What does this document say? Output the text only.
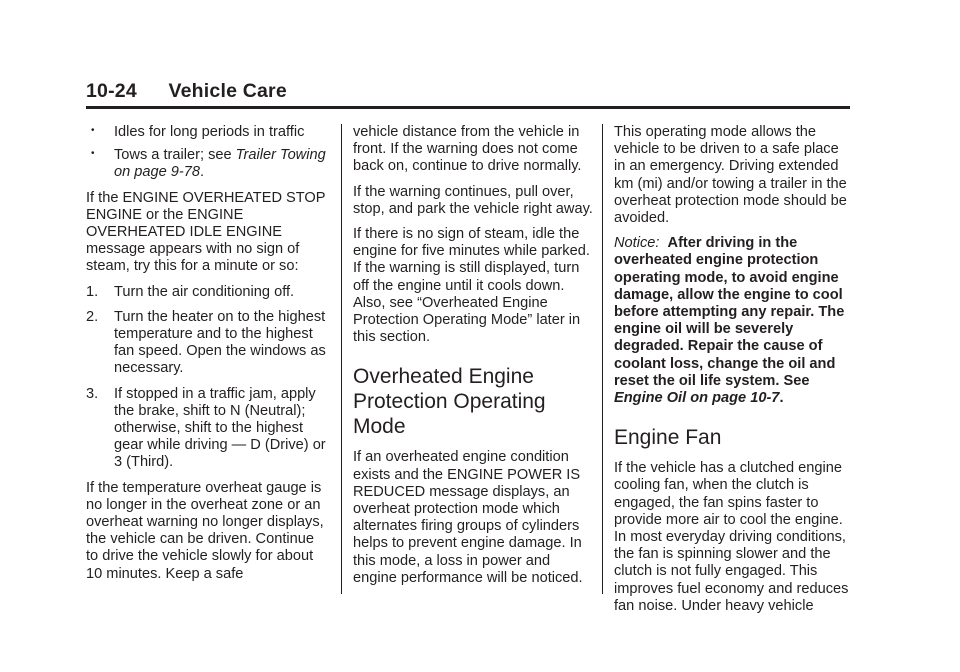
10-24 Vehicle Care
• Idles for long periods in traffic
• Tows a trailer; see Trailer Towing on page 9-78.

If the ENGINE OVERHEATED STOP ENGINE or the ENGINE OVERHEATED IDLE ENGINE message appears with no sign of steam, try this for a minute or so:

1. Turn the air conditioning off.
2. Turn the heater on to the highest temperature and to the highest fan speed. Open the windows as necessary.
3. If stopped in a traffic jam, apply the brake, shift to N (Neutral); otherwise, shift to the highest gear while driving — D (Drive) or 3 (Third).

If the temperature overheat gauge is no longer in the overheat zone or an overheat warning no longer displays, the vehicle can be driven. Continue to drive the vehicle slowly for about 10 minutes. Keep a safe

vehicle distance from the vehicle in front. If the warning does not come back on, continue to drive normally.

If the warning continues, pull over, stop, and park the vehicle right away.

If there is no sign of steam, idle the engine for five minutes while parked. If the warning is still displayed, turn off the engine until it cools down. Also, see “Overheated Engine Protection Operating Mode” later in this section.

Overheated Engine Protection Operating Mode

If an overheated engine condition exists and the ENGINE POWER IS REDUCED message displays, an overheat protection mode which alternates firing groups of cylinders helps to prevent engine damage. In this mode, a loss in power and engine performance will be noticed.

This operating mode allows the vehicle to be driven to a safe place in an emergency. Driving extended km (mi) and/or towing a trailer in the overheat protection mode should be avoided.

Notice: After driving in the overheated engine protection operating mode, to avoid engine damage, allow the engine to cool before attempting any repair. The engine oil will be severely degraded. Repair the cause of coolant loss, change the oil and reset the oil life system. See Engine Oil on page 10-7.

Engine Fan

If the vehicle has a clutched engine cooling fan, when the clutch is engaged, the fan spins faster to provide more air to cool the engine. In most everyday driving conditions, the fan is spinning slower and the clutch is not fully engaged. This improves fuel economy and reduces fan noise. Under heavy vehicle
